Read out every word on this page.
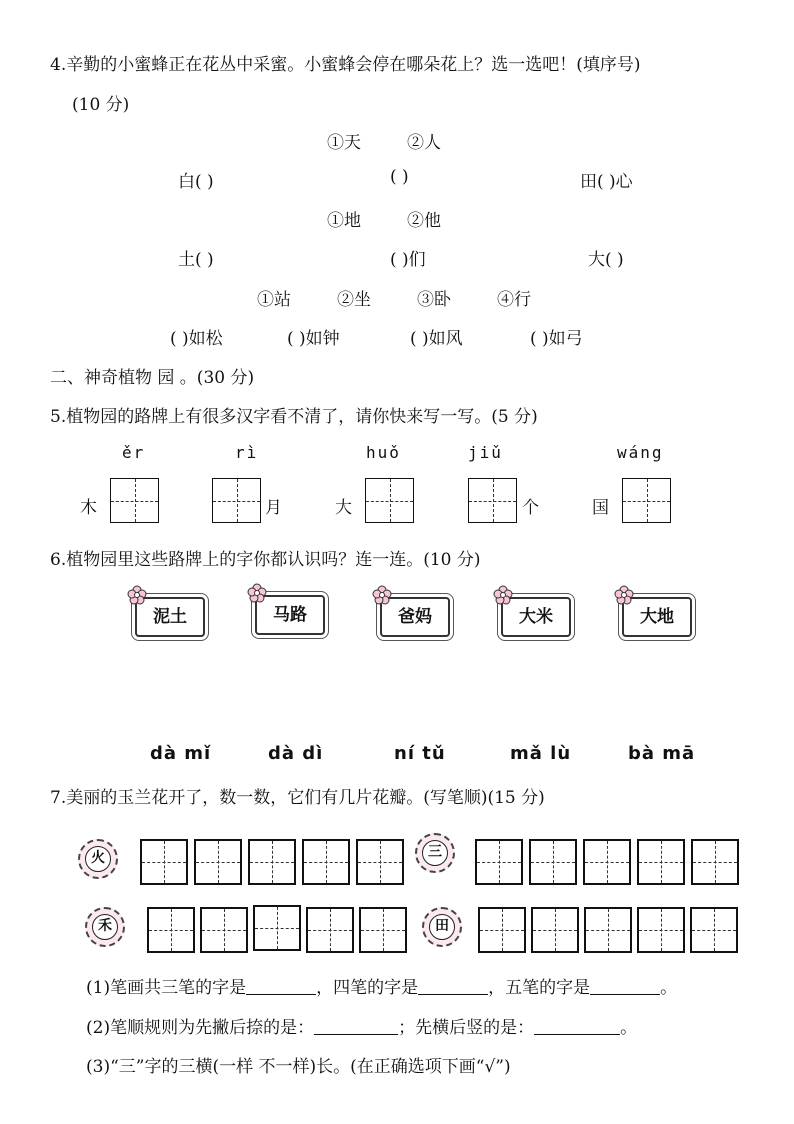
4.辛勤的小蜜蜂正在花丛中采蜜。小蜜蜂会停在哪朵花上？选一选吧！(填序号)
(10 分)
①天	②人
白( )	( )	田( )心
①地	②他
土( )	( )们	大( )
①站	②坐	③卧	④行
( )如松	( )如钟	( )如风	( )如弓
二、神奇植物 园 。(30 分)
5.植物园的路牌上有很多汉字看不清了，请你快来写一写。(5 分)
ěr	rì	huǒ	jiǔ	wáng
木	月	大	个	国
6.植物园里这些路牌上的字你都认识吗？连一连。(10 分)
泥土	马路	爸妈	大米	大地
dà mǐ	dà dì	ní tǔ	mǎ lù	bà mā
7.美丽的玉兰花开了，数一数，它们有几片花瓣。(写笔顺)(15 分)
火	三
禾	田
(1)笔画共三笔的字是	，四笔的字是	，五笔的字是	。
(2)笔顺规则为先撇后捺的是：	；先横后竖的是：	。
(3)“三”字的三横(一样 不一样)长。(在正确选项下画“√”)
